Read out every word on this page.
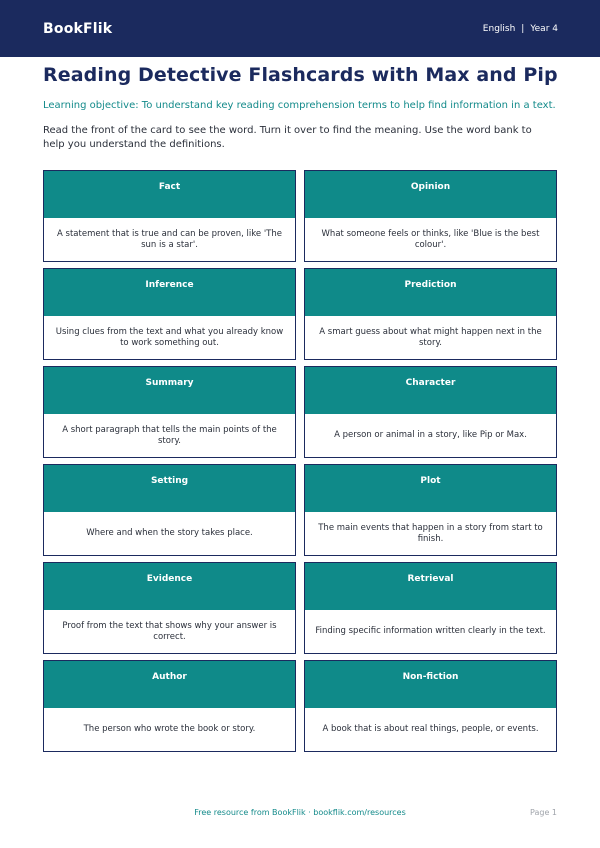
BookFlik	English | Year 4
Reading Detective Flashcards with Max and Pip
Learning objective: To understand key reading comprehension terms to help find information in a text.
Read the front of the card to see the word. Turn it over to find the meaning. Use the word bank to help you understand the definitions.
Fact
A statement that is true and can be proven, like 'The sun is a star'.
Opinion
What someone feels or thinks, like 'Blue is the best colour'.
Inference
Using clues from the text and what you already know to work something out.
Prediction
A smart guess about what might happen next in the story.
Summary
A short paragraph that tells the main points of the story.
Character
A person or animal in a story, like Pip or Max.
Setting
Where and when the story takes place.
Plot
The main events that happen in a story from start to finish.
Evidence
Proof from the text that shows why your answer is correct.
Retrieval
Finding specific information written clearly in the text.
Author
The person who wrote the book or story.
Non-fiction
A book that is about real things, people, or events.
Free resource from BookFlik · bookflik.com/resources	Page 1
